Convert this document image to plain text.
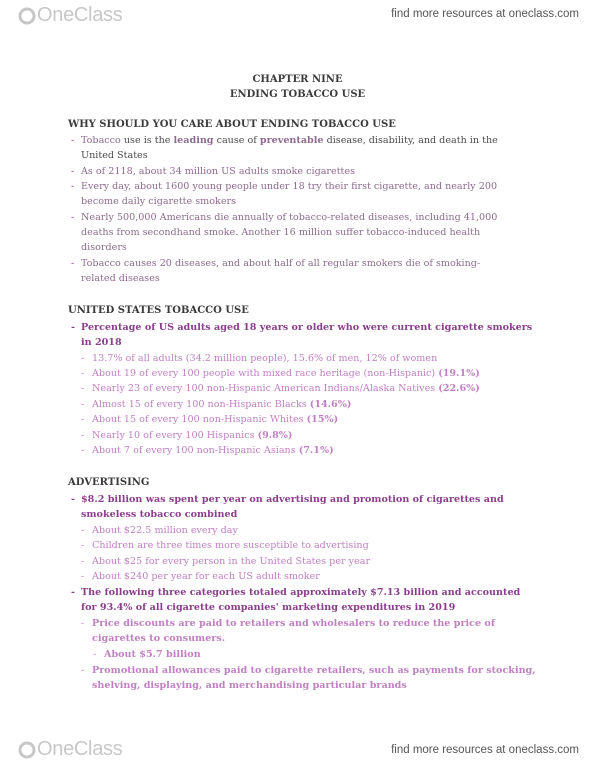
OneClass	find more resources at oneclass.com
CHAPTER NINE
ENDING TOBACCO USE
WHY SHOULD YOU CARE ABOUT ENDING TOBACCO USE
- Tobacco use is the leading cause of preventable disease, disability, and death in the
United States
- As of 2118, about 34 million US adults smoke cigarettes
- Every day, about 1600 young people under 18 try their first cigarette, and nearly 200
become daily cigarette smokers
- Nearly 500,000 Americans die annually of tobacco-related diseases, including 41,000
deaths from secondhand smoke. Another 16 million suffer tobacco-induced health
disorders
- Tobacco causes 20 diseases, and about half of all regular smokers die of smoking-
related diseases
UNITED STATES TOBACCO USE
- Percentage of US adults aged 18 years or older who were current cigarette smokers
in 2018
- 13.7% of all adults (34.2 million people), 15.6% of men, 12% of women
- About 19 of every 100 people with mixed race heritage (non-Hispanic) (19.1%)
- Nearly 23 of every 100 non-Hispanic American Indians/Alaska Natives (22.6%)
- Almost 15 of every 100 non-Hispanic Blacks (14.6%)
- About 15 of every 100 non-Hispanic Whites (15%)
- Nearly 10 of every 100 Hispanics (9.8%)
- About 7 of every 100 non-Hispanic Asians (7.1%)
ADVERTISING
- $8.2 billion was spent per year on advertising and promotion of cigarettes and
smokeless tobacco combined
- About $22.5 million every day
- Children are three times more susceptible to advertising
- About $25 for every person in the United States per year
- About $240 per year for each US adult smoker
- The following three categories totaled approximately $7.13 billion and accounted
for 93.4% of all cigarette companies' marketing expenditures in 2019
- Price discounts are paid to retailers and wholesalers to reduce the price of
cigarettes to consumers.
- About $5.7 billion
- Promotional allowances paid to cigarette retailers, such as payments for stocking,
shelving, displaying, and merchandising particular brands
OneClass	find more resources at oneclass.com
